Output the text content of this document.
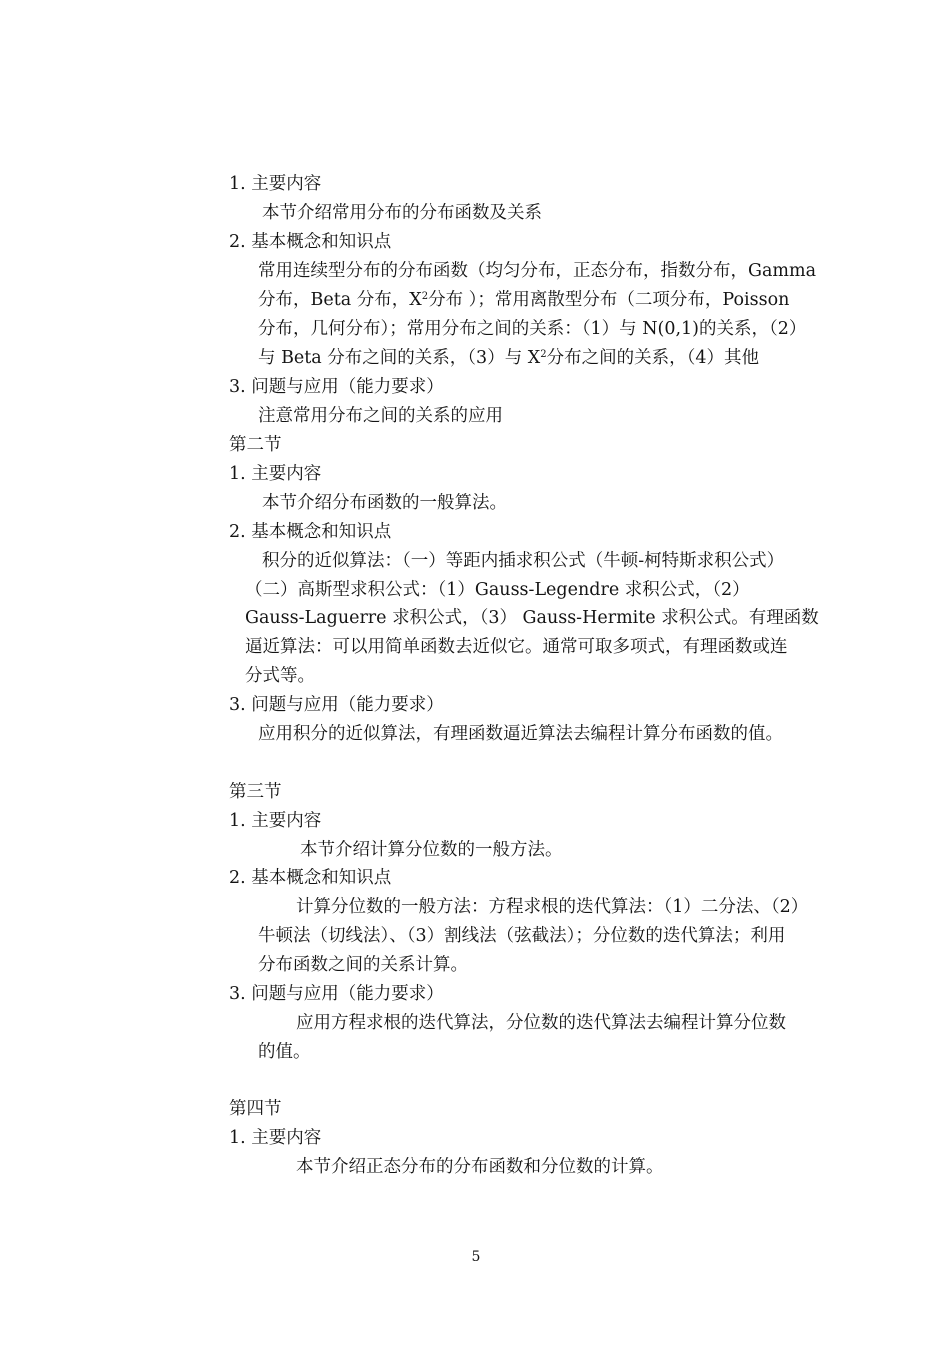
1. 主要内容
本节介绍常用分布的分布函数及关系
2. 基本概念和知识点
常用连续型分布的分布函数（均匀分布，正态分布，指数分布，Gamma
分布，Beta 分布，$X^2$分布 ）；常用离散型分布（二项分布，Poisson
分布，几何分布）；常用分布之间的关系：（1）与 N(0,1)的关系，（2）
与 Beta 分布之间的关系，（3）与 $X^2$分布之间的关系，（4）其他
3. 问题与应用（能力要求）
注意常用分布之间的关系的应用
第二节
1. 主要内容
本节介绍分布函数的一般算法。
2. 基本概念和知识点
积分的近似算法：（一）等距内插求积公式（牛顿-柯特斯求积公式）
（二）高斯型求积公式：（1）Gauss-Legendre 求积公式，（2）
Gauss-Laguerre 求积公式，（3） Gauss-Hermite 求积公式。有理函数
逼近算法：可以用简单函数去近似它。通常可取多项式，有理函数或连
分式等。
3. 问题与应用（能力要求）
应用积分的近似算法，有理函数逼近算法去编程计算分布函数的值。
第三节
1. 主要内容
本节介绍计算分位数的一般方法。
2. 基本概念和知识点
计算分位数的一般方法：方程求根的迭代算法：（1）二分法、（2）
牛顿法（切线法）、（3）割线法（弦截法）；分位数的迭代算法；利用
分布函数之间的关系计算。
3. 问题与应用（能力要求）
应用方程求根的迭代算法，分位数的迭代算法去编程计算分位数
的值。
第四节
1. 主要内容
本节介绍正态分布的分布函数和分位数的计算。
5
